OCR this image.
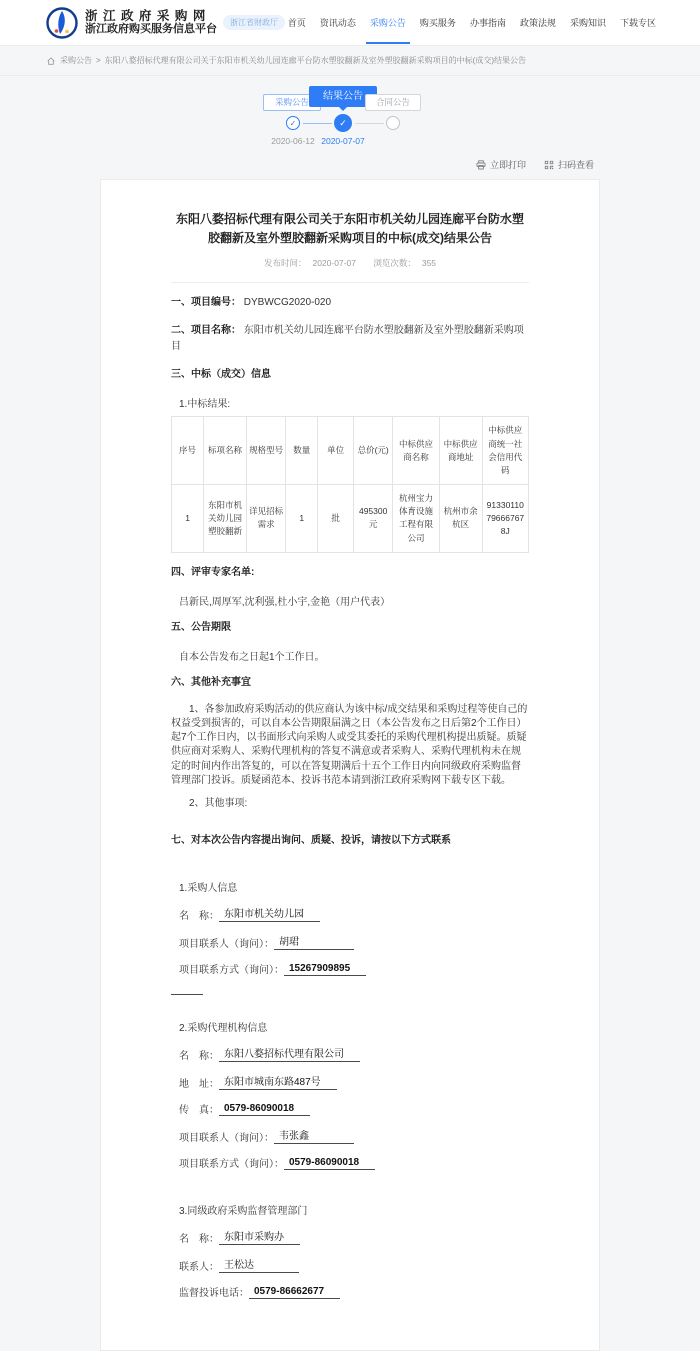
浙 江 政 府 采 购 网
浙江政府购买服务信息平台
浙江省财政厅	首页 资讯动态 采购公告 购买服务 办事指南 政策法规 采购知识 下载专区
采购公告 > 东阳八婺招标代理有限公司关于东阳市机关幼儿园连廊平台防水塑胶翻新及室外塑胶翻新采购项目的中标(成交)结果公告
采购公告	结果公告	合同公告
✓	✓
2020-06-12 2020-07-07
立即打印	扫码查看
东阳八婺招标代理有限公司关于东阳市机关幼儿园连廊平台防水塑胶翻新及室外塑胶翻新采购项目的中标(成交)结果公告
发布时间： 2020-07-07 浏览次数： 355

一、项目编号： DYBWCG2020-020

二、项目名称： 东阳市机关幼儿园连廊平台防水塑胶翻新及室外塑胶翻新采购项目

三、中标（成交）信息

1.中标结果:

序号	标项名称	规格型号	数量	单位	总价(元)	中标供应商名称	中标供应商地址	中标供应商统一社会信用代码
1	东阳市机关幼儿园塑胶翻新	详见招标需求	1	批	495300元	杭州宝力体育设施工程有限公司	杭州市余杭区	91330110796667678J

四、评审专家名单:

吕新民,周厚军,沈利强,杜小宇,金艳（用户代表）

五、公告期限

自本公告发布之日起1个工作日。

六、其他补充事宜

1、各参加政府采购活动的供应商认为该中标/成交结果和采购过程等使自己的权益受到损害的，可以自本公告期限届满之日（本公告发布之日后第2个工作日）起7个工作日内，以书面形式向采购人或受其委托的采购代理机构提出质疑。质疑供应商对采购人、采购代理机构的答复不满意或者采购人、采购代理机构未在规定的时间内作出答复的，可以在答复期满后十五个工作日内向同级政府采购监督管理部门投诉。质疑函范本、投诉书范本请到浙江政府采购网下载专区下载。

2、其他事项:

七、对本次公告内容提出询问、质疑、投诉，请按以下方式联系

1.采购人信息

名　称： 东阳市机关幼儿园
项目联系人（询问）： 胡珺
项目联系方式（询问）： 15267909895

2.采购代理机构信息

名　称： 东阳八婺招标代理有限公司
地　址： 东阳市城南东路487号
传　真： 0579-86090018
项目联系人（询问）： 韦张鑫
项目联系方式（询问）： 0579-86090018

3.同级政府采购监督管理部门

名　称： 东阳市采购办
联系人： 王松达
监督投诉电话： 0579-86662677
